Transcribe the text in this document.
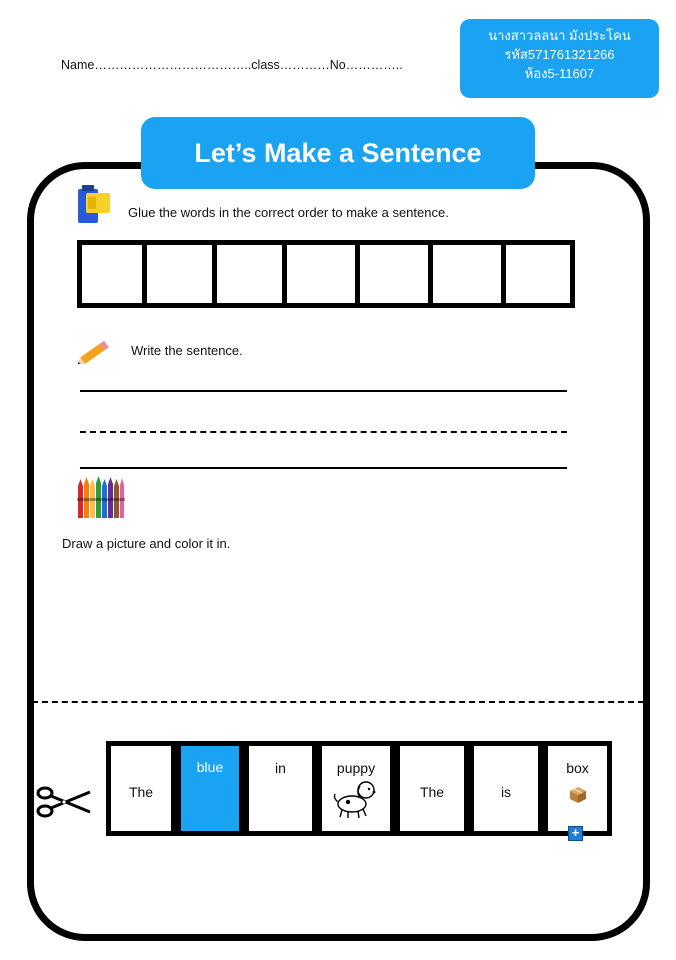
Name………………………………..class…………No…………..
นางสาวลลนา มังประโคน
รหัส571761321266
ห้อง5-11607
Let’s Make a Sentence
Glue the words in the correct order to make a sentence.
Write the sentence.
Draw a picture and color it in.
The
blue	in	puppy
The	is
box
+
